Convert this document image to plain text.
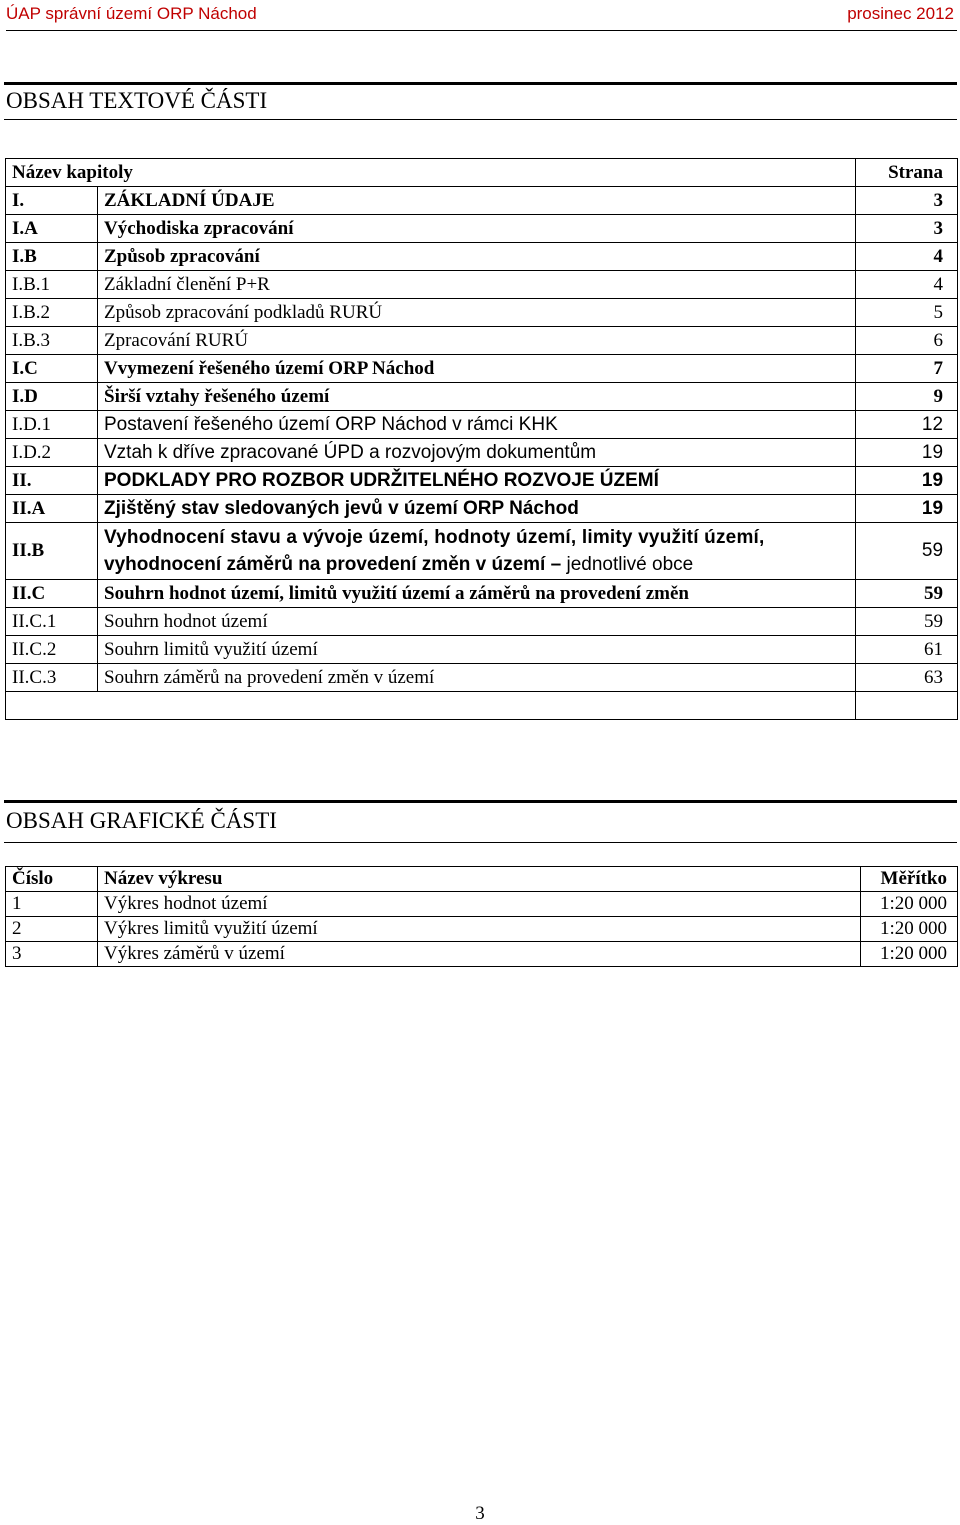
ÚAP správní území ORP Náchod	prosinec 2012
OBSAH TEXTOVÉ ČÁSTI
Název kapitoly		Strana
I.	ZÁKLADNÍ ÚDAJE	3
I.A	Východiska zpracování	3
I.B	Způsob zpracování	4
I.B.1	Základní členění P+R	4
I.B.2	Způsob zpracování podkladů RURÚ	5
I.B.3	Zpracování RURÚ	6
I.C	Vvymezení řešeného území ORP Náchod	7
I.D	Širší vztahy řešeného území	9
I.D.1	Postavení řešeného území ORP Náchod v rámci KHK	12
I.D.2	Vztah k dříve zpracované ÚPD a rozvojovým dokumentům	19
II.	PODKLADY PRO ROZBOR UDRŽITELNÉHO ROZVOJE ÚZEMÍ	19
II.A	Zjištěný stav sledovaných jevů v území ORP Náchod	19
II.B	Vyhodnocení stavu a vývoje území, hodnoty území, limity využití území,
vyhodnocení záměrů na provedení změn v území – jednotlivé obce	59
II.C	Souhrn hodnot území, limitů využití území a záměrů na provedení změn	59
II.C.1	Souhrn hodnot území	59
II.C.2	Souhrn limitů využití území	61
II.C.3	Souhrn záměrů na provedení změn v území	63

OBSAH GRAFICKÉ ČÁSTI
Číslo	Název výkresu	Měřítko
1	Výkres hodnot území	1:20 000
2	Výkres limitů využití území	1:20 000
3	Výkres záměrů v území	1:20 000
3
